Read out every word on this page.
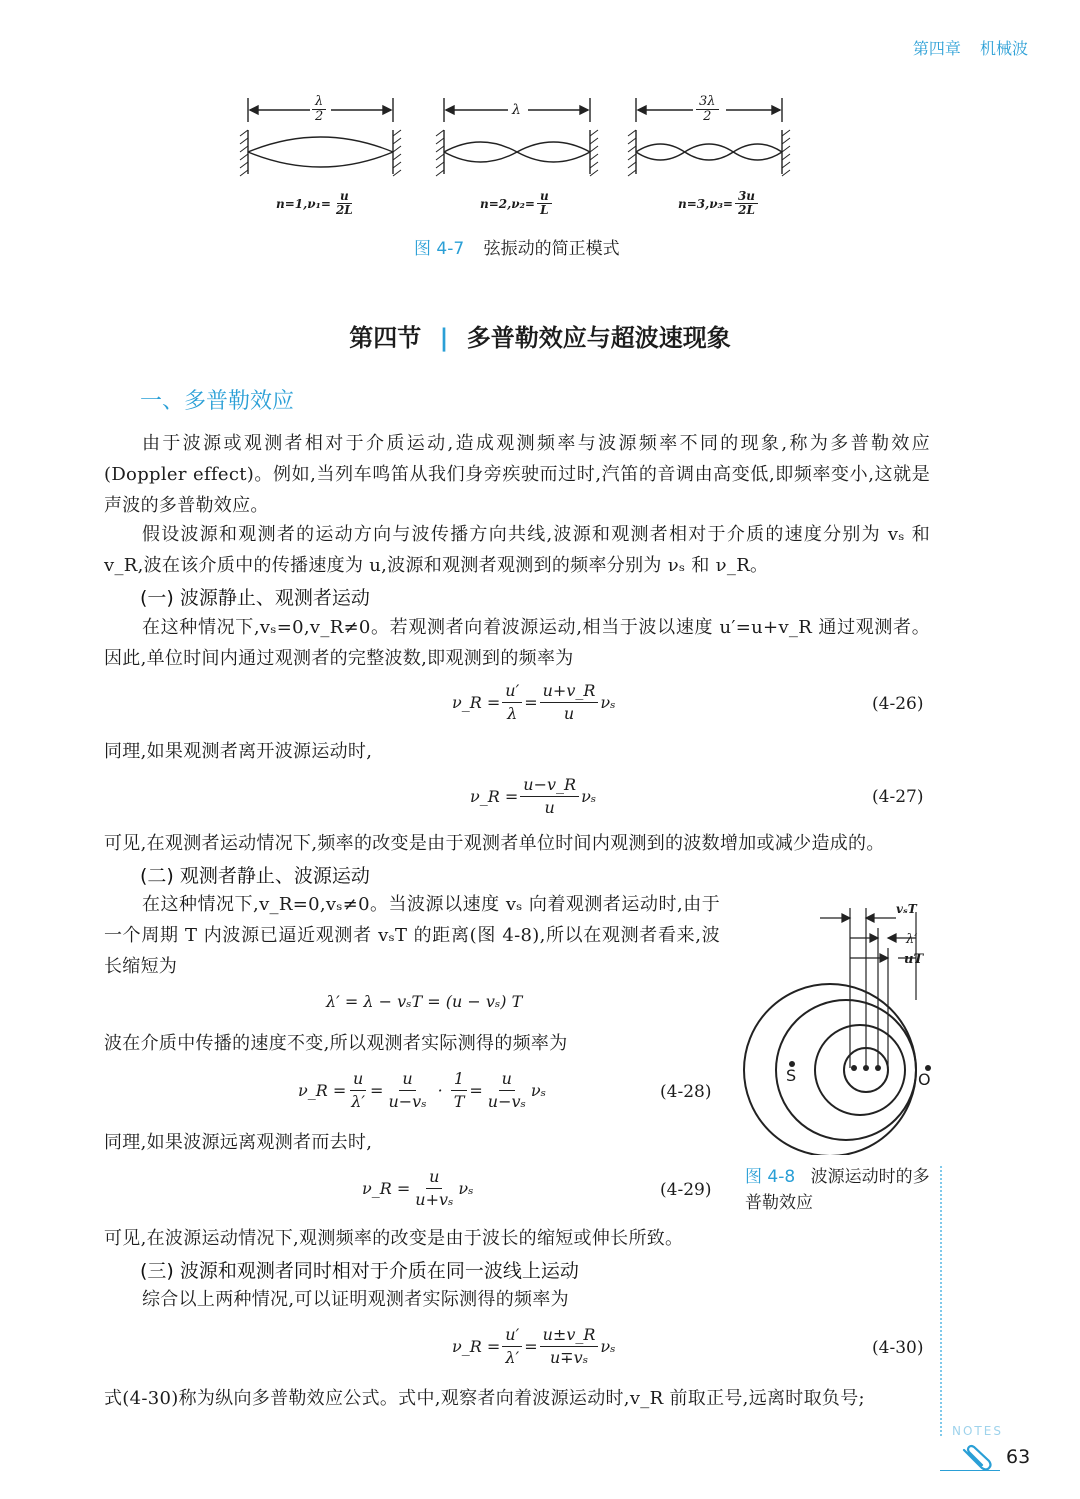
第四章 机械波
$\frac{\lambda}{2}$	λ	$\frac{3\lambda}{2}$
$n=1,\nu_1= \frac{u}{2L}$	$n=2,\nu_2= \frac{u}{L}$	$n=3,\nu_3= \frac{3u}{2L}$
图 4-7 弦振动的简正模式
第四节 | 多普勒效应与超波速现象
一、多普勒效应
由于波源或观测者相对于介质运动,造成观测频率与波源频率不同的现象,称为多普勒效应(Doppler effect)。例如,当列车鸣笛从我们身旁疾驶而过时,汽笛的音调由高变低,即频率变小,这就是声波的多普勒效应。
假设波源和观测者的运动方向与波传播方向共线,波源和观测者相对于介质的速度分别为 vₛ 和 v_R,波在该介质中的传播速度为 u,波源和观测者观测到的频率分别为 νₛ 和 ν_R。
(一) 波源静止、观测者运动
在这种情况下,vₛ=0,v_R≠0。若观测者向着波源运动,相当于波以速度 u′=u+v_R 通过观测者。因此,单位时间内通过观测者的完整波数,即观测到的频率为
ν_R = $\frac{u'}{\lambda} = \frac{u+v\_R}{u}$ νₛ	(4-26)
同理,如果观测者离开波源运动时,
ν_R = $\frac{u-v\_R}{u}$ νₛ	(4-27)
可见,在观测者运动情况下,频率的改变是由于观测者单位时间内观测到的波数增加或减少造成的。
(二) 观测者静止、波源运动
在这种情况下,v_R=0,vₛ≠0。当波源以速度 vₛ 向着观测者运动时,由于一个周期 T 内波源已逼近观测者 vₛT 的距离(图 4-8),所以在观测者看来,波长缩短为
λ′ = λ − vₛT = (u − vₛ) T
波在介质中传播的速度不变,所以观测者实际测得的频率为
ν_R = $\frac{u}{\lambda'} = \frac{u}{\text{u−vₛ}} \cdot \frac{1}{T} = \frac{u}{\text{u−vₛ}}$ νₛ	(4-28)
同理,如果波源远离观测者而去时,
ν_R = $\frac{u}{\text{u+vₛ}}$ νₛ	(4-29)
可见,在波源运动情况下,观测频率的改变是由于波长的缩短或伸长所致。
(三) 波源和观测者同时相对于介质在同一波线上运动
综合以上两种情况,可以证明观测者实际测得的频率为
ν_R = $\frac{u'}{\lambda'} = \frac{u\pm v\_R}{\text{u∓vₛ}}$ νₛ	(4-30)
式(4-30)称为纵向多普勒效应公式。式中,观察者向着波源运动时,v_R 前取正号,远离时取负号;
vₛT
λ′
uT
S	O
图 4-8 波源运动时的多普勒效应
NOTES
63
